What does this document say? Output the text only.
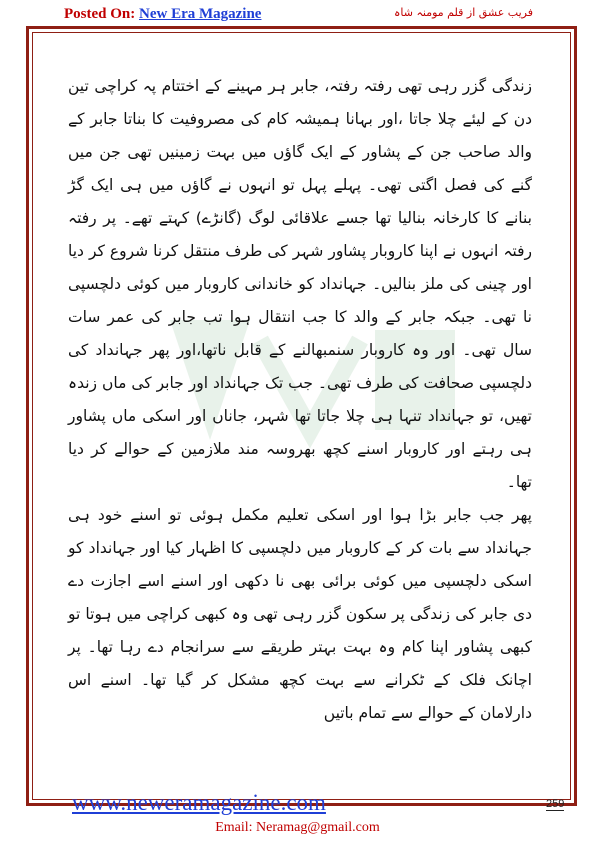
Posted On: New Era Magazine	فریب عشق از قلم مومنہ شاہ

زندگی گزر رہی تھی رفتہ رفتہ، جابر ہر مہینے کے اختتام پہ کراچی تین دن کے لیئے چلا جاتا ،اور بہانا ہمیشہ کام کی مصروفیت کا بناتا جابر کے والد صاحب جن کے پشاور کے ایک گاؤں میں بہت زمینیں تھی جن میں گنے کی فصل اگتی تھی۔ پہلے پہل تو انہوں نے گاؤں میں ہی ایک گڑ بنانے کا کارخانہ بنالیا تھا جسے علاقائی لوگ (گانڑے) کہتے تھے۔ پر رفتہ رفتہ انہوں نے اپنا کاروبار پشاور شہر کی طرف منتقل کرنا شروع کر دیا اور چینی کی ملز بنالیں۔ جہانداد کو خاندانی کاروبار میں کوئی دلچسپی نا تھی۔ جبکہ جابر کے والد کا جب انتقال ہوا تب جابر کی عمر سات سال تھی۔ اور وہ کاروبار سنمبھالنے کے قابل ناتھا،اور پھر جہانداد کی دلچسپی صحافت کی طرف تھی۔ جب تک جہانداد اور جابر کی ماں زندہ تھیں، تو جہانداد تنہا ہی چلا جاتا تھا شہر، جاناں اور اسکی ماں پشاور ہی رہتے اور کاروبار اسنے کچھ بھروسہ مند ملازمین کے حوالے کر دیا تھا۔

پھر جب جابر بڑا ہوا اور اسکی تعلیم مکمل ہوئی تو اسنے خود ہی جہانداد سے بات کر کے کاروبار میں دلچسپی کا اظہار کیا اور جہانداد کو اسکی دلچسپی میں کوئی برائی بھی نا دکھی اور اسنے اسے اجازت دے دی جابر کی زندگی پر سکون گزر رہی تھی وہ کبھی کراچی میں ہوتا تو کبھی پشاور اپنا کام وہ بہت بہتر طریقے سے سرانجام دے رہا تھا۔ پر اچانک فلک کے ٹکرانے سے بہت کچھ مشکل کر گیا تھا۔ اسنے اس دارلامان کے حوالے سے تمام باتیں

www.neweramagazine.com	259
Email: Neramag@gmail.com
